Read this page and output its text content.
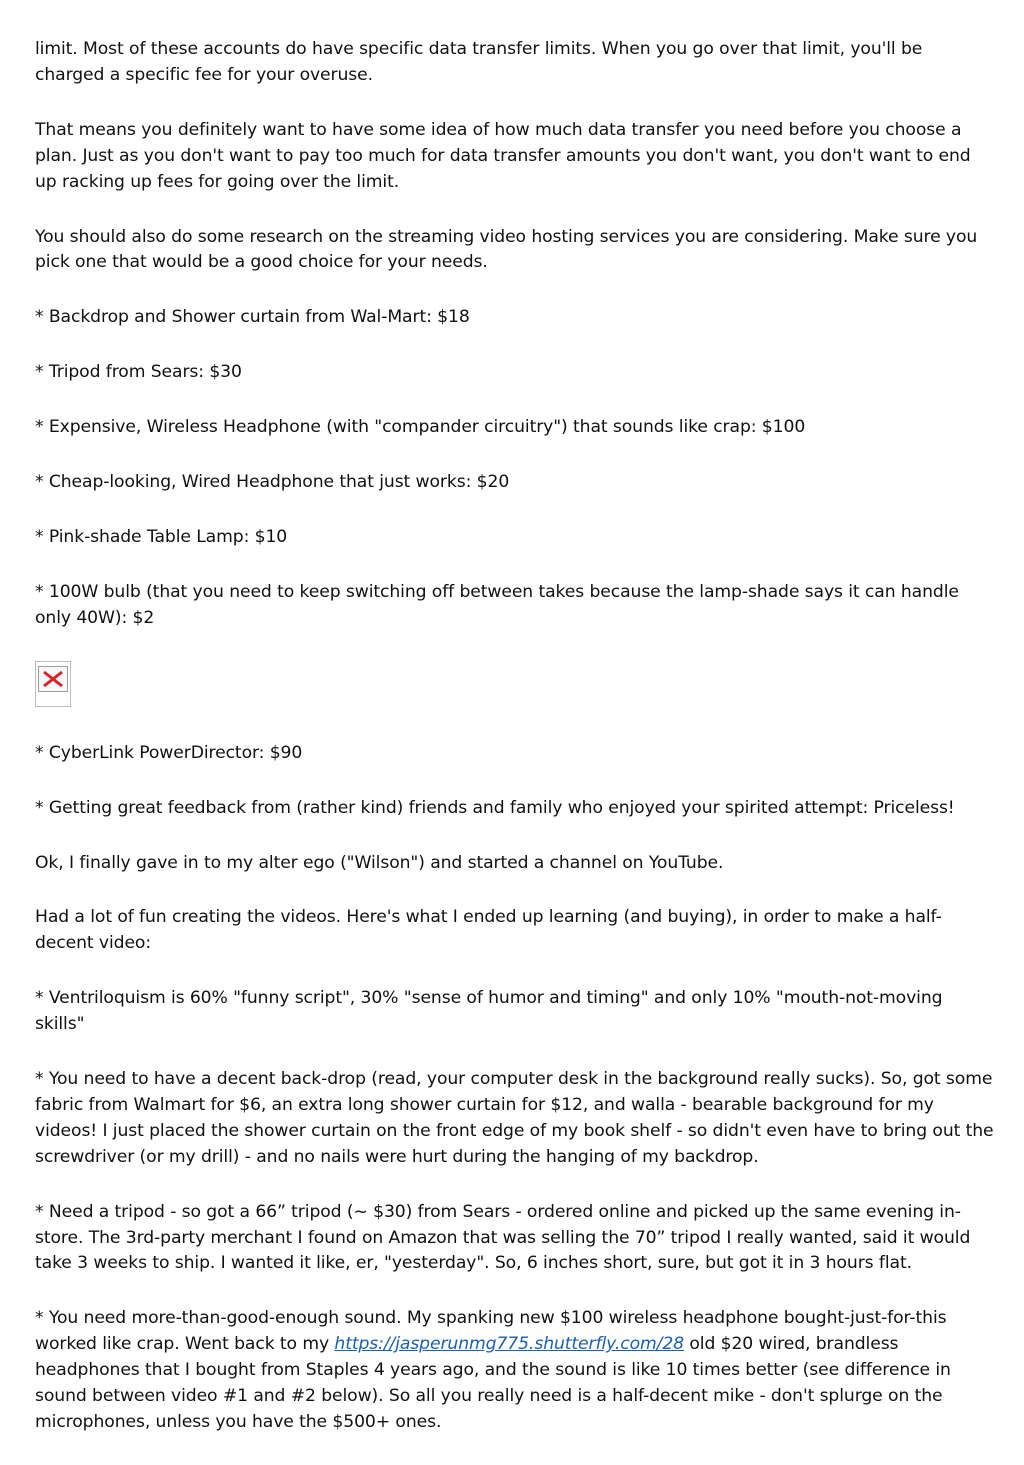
limit. Most of these accounts do have specific data transfer limits. When you go over that limit, you'll be charged a specific fee for your overuse.

That means you definitely want to have some idea of how much data transfer you need before you choose a plan. Just as you don't want to pay too much for data transfer amounts you don't want, you don't want to end up racking up fees for going over the limit.

You should also do some research on the streaming video hosting services you are considering. Make sure you pick one that would be a good choice for your needs.

* Backdrop and Shower curtain from Wal-Mart: $18

* Tripod from Sears: $30

* Expensive, Wireless Headphone (with "compander circuitry") that sounds like crap: $100

* Cheap-looking, Wired Headphone that just works: $20

* Pink-shade Table Lamp: $10

* 100W bulb (that you need to keep switching off between takes because the lamp-shade says it can handle only 40W): $2

* CyberLink PowerDirector: $90

* Getting great feedback from (rather kind) friends and family who enjoyed your spirited attempt: Priceless!

Ok, I finally gave in to my alter ego ("Wilson") and started a channel on YouTube.

Had a lot of fun creating the videos. Here's what I ended up learning (and buying), in order to make a half-decent video:

* Ventriloquism is 60% "funny script", 30% "sense of humor and timing" and only 10% "mouth-not-moving skills"

* You need to have a decent back-drop (read, your computer desk in the background really sucks). So, got some fabric from Walmart for $6, an extra long shower curtain for $12, and walla - bearable background for my videos! I just placed the shower curtain on the front edge of my book shelf - so didn't even have to bring out the screwdriver (or my drill) - and no nails were hurt during the hanging of my backdrop.

* Need a tripod - so got a 66” tripod (~ $30) from Sears - ordered online and picked up the same evening in-store. The 3rd-party merchant I found on Amazon that was selling the 70” tripod I really wanted, said it would take 3 weeks to ship. I wanted it like, er, "yesterday". So, 6 inches short, sure, but got it in 3 hours flat.

* You need more-than-good-enough sound. My spanking new $100 wireless headphone bought-just-for-this worked like crap. Went back to my https://jasperunmg775.shutterfly.com/28 old $20 wired, brandless headphones that I bought from Staples 4 years ago, and the sound is like 10 times better (see difference in sound between video #1 and #2 below). So all you really need is a half-decent mike - don't splurge on the microphones, unless you have the $500+ ones.
